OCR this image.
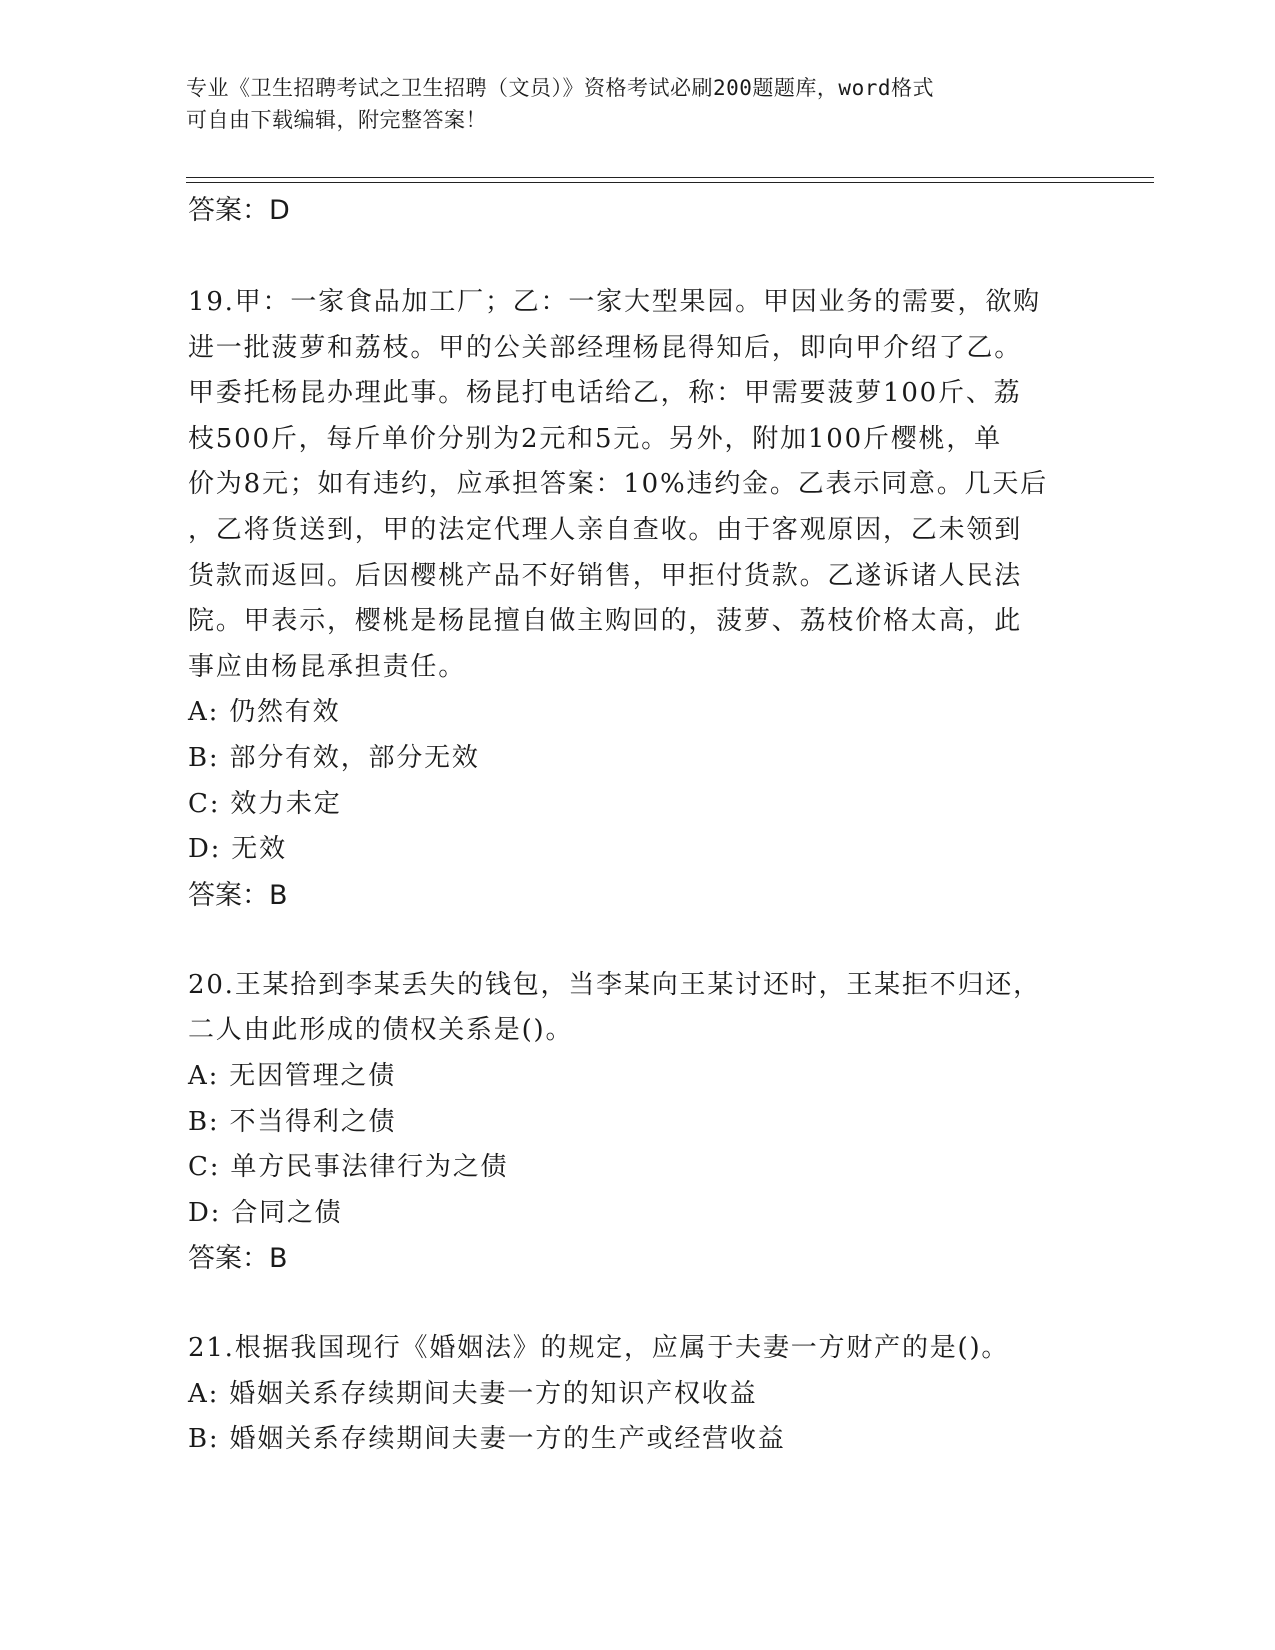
专业《卫生招聘考试之卫生招聘（文员）》资格考试必刷200题题库，word格式
可自由下载编辑，附完整答案！

答案：D

19.甲：一家食品加工厂；乙：一家大型果园。甲因业务的需要，欲购

进一批菠萝和荔枝。甲的公关部经理杨昆得知后，即向甲介绍了乙。

甲委托杨昆办理此事。杨昆打电话给乙，称：甲需要菠萝100斤、荔

枝500斤，每斤单价分别为2元和5元。另外，附加100斤樱桃，单

价为8元；如有违约，应承担答案：10%违约金。乙表示同意。几天后

，乙将货送到，甲的法定代理人亲自查收。由于客观原因，乙未领到

货款而返回。后因樱桃产品不好销售，甲拒付货款。乙遂诉诸人民法

院。甲表示，樱桃是杨昆擅自做主购回的，菠萝、荔枝价格太高，此

事应由杨昆承担责任。

A: 仍然有效

B: 部分有效，部分无效

C: 效力未定

D: 无效

答案：B

20.王某拾到李某丢失的钱包，当李某向王某讨还时，王某拒不归还，

二人由此形成的债权关系是()。

A: 无因管理之债

B: 不当得利之债

C: 单方民事法律行为之债

D: 合同之债

答案：B

21.根据我国现行《婚姻法》的规定，应属于夫妻一方财产的是()。

A: 婚姻关系存续期间夫妻一方的知识产权收益

B: 婚姻关系存续期间夫妻一方的生产或经营收益
